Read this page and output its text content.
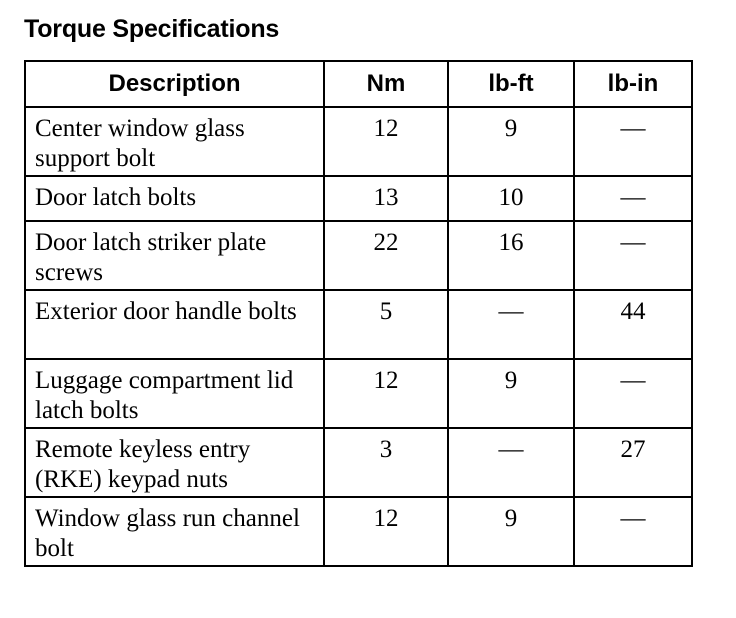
Torque Specifications
Description	Nm	lb-ft	lb-in
Center window glass support bolt	12	9	—
Door latch bolts	13	10	—
Door latch striker plate screws	22	16	—
Exterior door handle bolts	5	—	44
Luggage compartment lid latch bolts	12	9	—
Remote keyless entry (RKE) keypad nuts	3	—	27
Window glass run channel bolt	12	9	—
